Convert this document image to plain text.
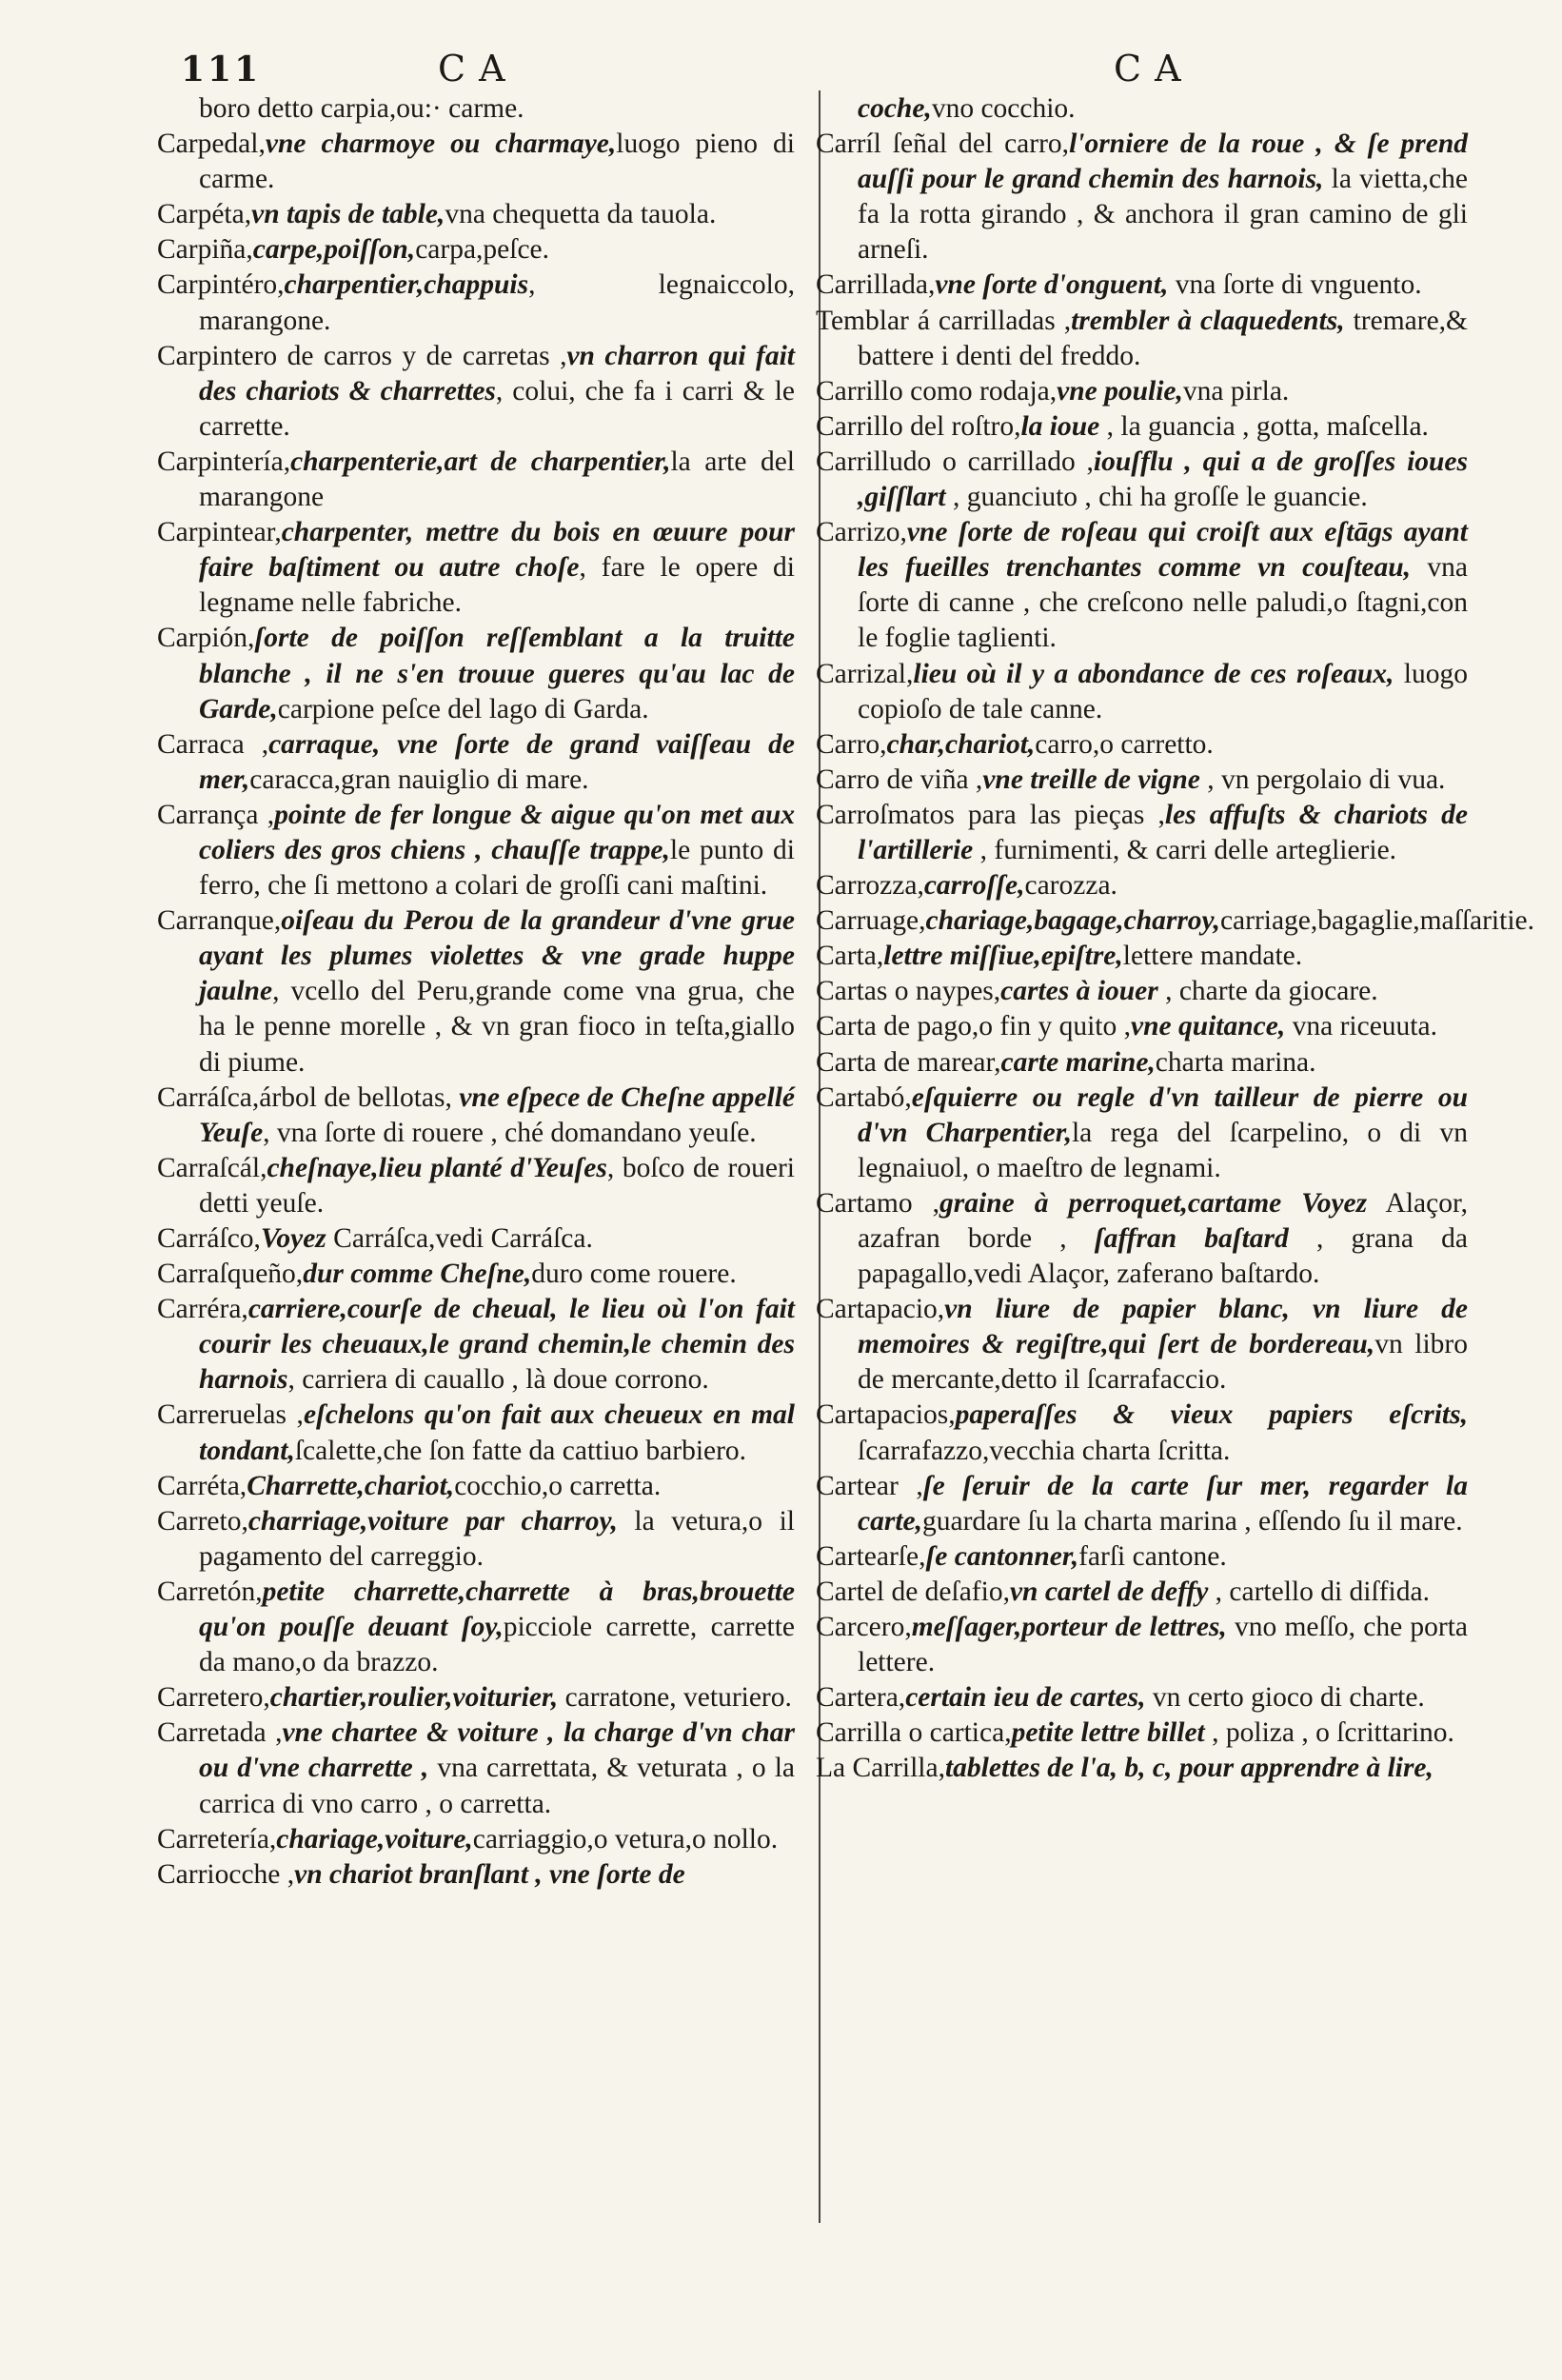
111	CA	CA

boro detto carpia,ou:· carme.

Carpedal,vne charmoye ou charmaye,luogo pieno di carme.

Carpéta,vn tapis de table,vna chequetta da tauola.

Carpiña,carpe,poiſſon,carpa,peſce.

Carpintéro,charpentier,chappuis, legnaiccolo, marangone.

Carpintero de carros y de carretas ,vn charron qui fait des chariots & charrettes, colui, che fa i carri & le carrette.

Carpintería,charpenterie,art de charpentier,la arte del marangone

Carpintear,charpenter, mettre du bois en œuure pour faire baſtiment ou autre choſe, fare le opere di legname nelle fabriche.

Carpión,ſorte de poiſſon reſſemblant a la truitte blanche , il ne s'en trouue gueres qu'au lac de Garde,carpione peſce del lago di Garda.

Carraca ,carraque, vne ſorte de grand vaiſſeau de mer,caracca,gran nauiglio di mare.

Carrança ,pointe de fer longue & aigue qu'on met aux coliers des gros chiens , chauſſe trappe,le punto di ferro, che ſi mettono a colari de groſſi cani maſtini.

Carranque,oiſeau du Perou de la grandeur d'vne grue ayant les plumes violettes & vne grade huppe jaulne, vcello del Peru,grande come vna grua, che ha le penne morelle , & vn gran fioco in teſta,giallo di piume.

Carráſca,árbol de bellotas, vne eſpece de Cheſne appellé Yeuſe, vna ſorte di rouere , ché domandano yeuſe.

Carraſcál,cheſnaye,lieu planté d'Yeuſes, boſco de roueri detti yeuſe.

Carráſco,Voyez Carráſca,vedi Carráſca.

Carraſqueño,dur comme Cheſne,duro come rouere.

Carréra,carriere,courſe de cheual, le lieu où l'on fait courir les cheuaux,le grand chemin,le chemin des harnois, carriera di cauallo , là doue corrono.

Carreruelas ,eſchelons qu'on fait aux cheueux en mal tondant,ſcalette,che ſon fatte da cattiuo barbiero.

Carréta,Charrette,chariot,cocchio,o carretta.

Carreto,charriage,voiture par charroy, la vetura,o il pagamento del carreggio.

Carretón,petite charrette,charrette à bras,brouette qu'on pouſſe deuant ſoy,picciole carrette, carrette da mano,o da brazzo.

Carretero,chartier,roulier,voiturier, carratone, veturiero.

Carretada ,vne chartee & voiture , la charge d'vn char ou d'vne charrette , vna carrettata, & veturata , o la carrica di vno carro , o carretta.

Carretería,chariage,voiture,carriaggio,o vetura,o nollo.

Carriocche ,vn chariot branſlant , vne ſorte de

coche,vno cocchio.

Carríl ſeñal del carro,l'orniere de la roue , & ſe prend auſſi pour le grand chemin des harnois, la vietta,che fa la rotta girando , & anchora il gran camino de gli arneſi.

Carrillada,vne ſorte d'onguent, vna ſorte di vnguento.

Temblar á carrilladas ,trembler à claquedents, tremare,& battere i denti del freddo.

Carrillo como rodaja,vne poulie,vna pirla.

Carrillo del roſtro,la ioue , la guancia , gotta, maſcella.

Carrilludo o carrillado ,iouſflu , qui a de groſſes ioues ,giſſlart , guanciuto , chi ha groſſe le guancie.

Carrizo,vne ſorte de roſeau qui croiſt aux eſtāgs ayant les fueilles trenchantes comme vn couſteau, vna ſorte di canne , che creſcono nelle paludi,o ſtagni,con le foglie taglienti.

Carrizal,lieu où il y a abondance de ces roſeaux, luogo copioſo de tale canne.

Carro,char,chariot,carro,o carretto.

Carro de viña ,vne treille de vigne , vn pergolaio di vua.

Carroſmatos para las pieças ,les affuſts & chariots de l'artillerie , furnimenti, & carri delle arteglierie.

Carrozza,carroſſe,carozza.

Carruage,chariage,bagage,charroy,carriage,bagaglie,maſſaritie.

Carta,lettre miſſiue,epiſtre,lettere mandate.

Cartas o naypes,cartes à iouer , charte da giocare.

Carta de pago,o fin y quito ,vne quitance, vna riceuuta.

Carta de marear,carte marine,charta marina.

Cartabó,eſquierre ou regle d'vn tailleur de pierre ou d'vn Charpentier,la rega del ſcarpelino, o di vn legnaiuol, o maeſtro de legnami.

Cartamo ,graine à perroquet,cartame Voyez Alaçor, azafran borde , ſaffran baſtard , grana da papagallo,vedi Alaçor, zaferano baſtardo.

Cartapacio,vn liure de papier blanc, vn liure de memoires & regiſtre,qui ſert de bordereau,vn libro de mercante,detto il ſcarrafaccio.

Cartapacios,paperaſſes & vieux papiers eſcrits, ſcarrafazzo,vecchia charta ſcritta.

Cartear ,ſe ſeruir de la carte ſur mer, regarder la carte,guardare ſu la charta marina , eſſendo ſu il mare.

Cartearſe,ſe cantonner,farſi cantone.

Cartel de deſafio,vn cartel de deffy , cartello di diſfida.

Carcero,meſſager,porteur de lettres, vno meſſo, che porta lettere.

Cartera,certain ieu de cartes, vn certo gioco di charte.

Carrilla o cartica,petite lettre billet , poliza , o ſcrittarino.

La Carrilla,tablettes de l'a, b, c, pour apprendre à lire,
